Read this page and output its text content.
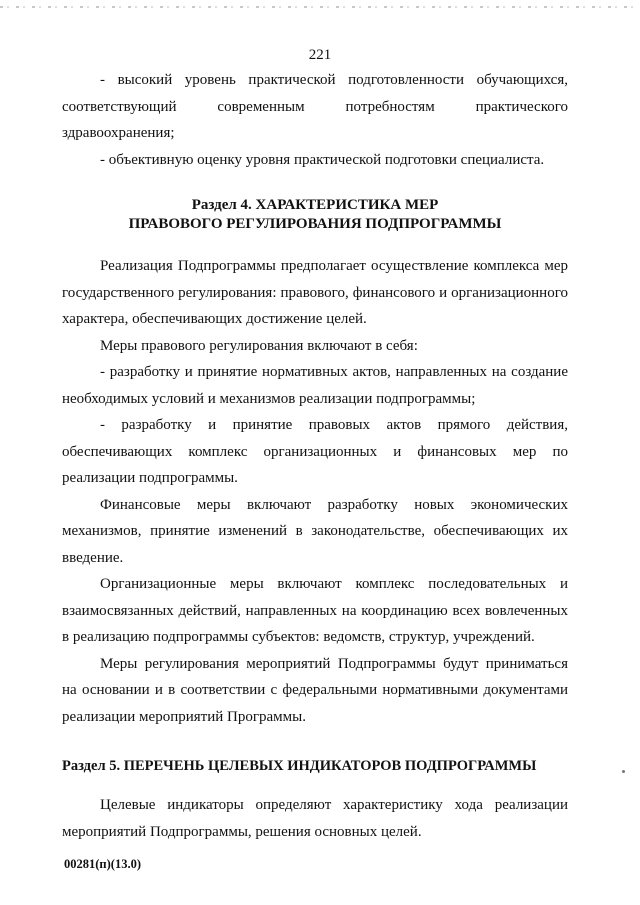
221

- высокий уровень практической подготовленности обучающихся, соответствующий современным потребностям практического здравоохранения;

- объективную оценку уровня практической подготовки специалиста.

Раздел 4. ХАРАКТЕРИСТИКА МЕР
ПРАВОВОГО РЕГУЛИРОВАНИЯ ПОДПРОГРАММЫ

Реализация Подпрограммы предполагает осуществление комплекса мер государственного регулирования: правового, финансового и организационного характера, обеспечивающих достижение целей.

Меры правового регулирования включают в себя:

- разработку и принятие нормативных актов, направленных на создание необходимых условий и механизмов реализации подпрограммы;

- разработку и принятие правовых актов прямого действия, обеспечивающих комплекс организационных и финансовых мер по реализации подпрограммы.

Финансовые меры включают разработку новых экономических механизмов, принятие изменений в законодательстве, обеспечивающих их введение.

Организационные меры включают комплекс последовательных и взаимосвязанных действий, направленных на координацию всех вовлеченных в реализацию подпрограммы субъектов: ведомств, структур, учреждений.

Меры регулирования мероприятий Подпрограммы будут приниматься на основании и в соответствии с федеральными нормативными документами реализации мероприятий Программы.

Раздел 5. ПЕРЕЧЕНЬ ЦЕЛЕВЫХ ИНДИКАТОРОВ ПОДПРОГРАММЫ

Целевые индикаторы определяют характеристику хода реализации мероприятий Подпрограммы, решения основных целей.

00281(п)(13.0)
